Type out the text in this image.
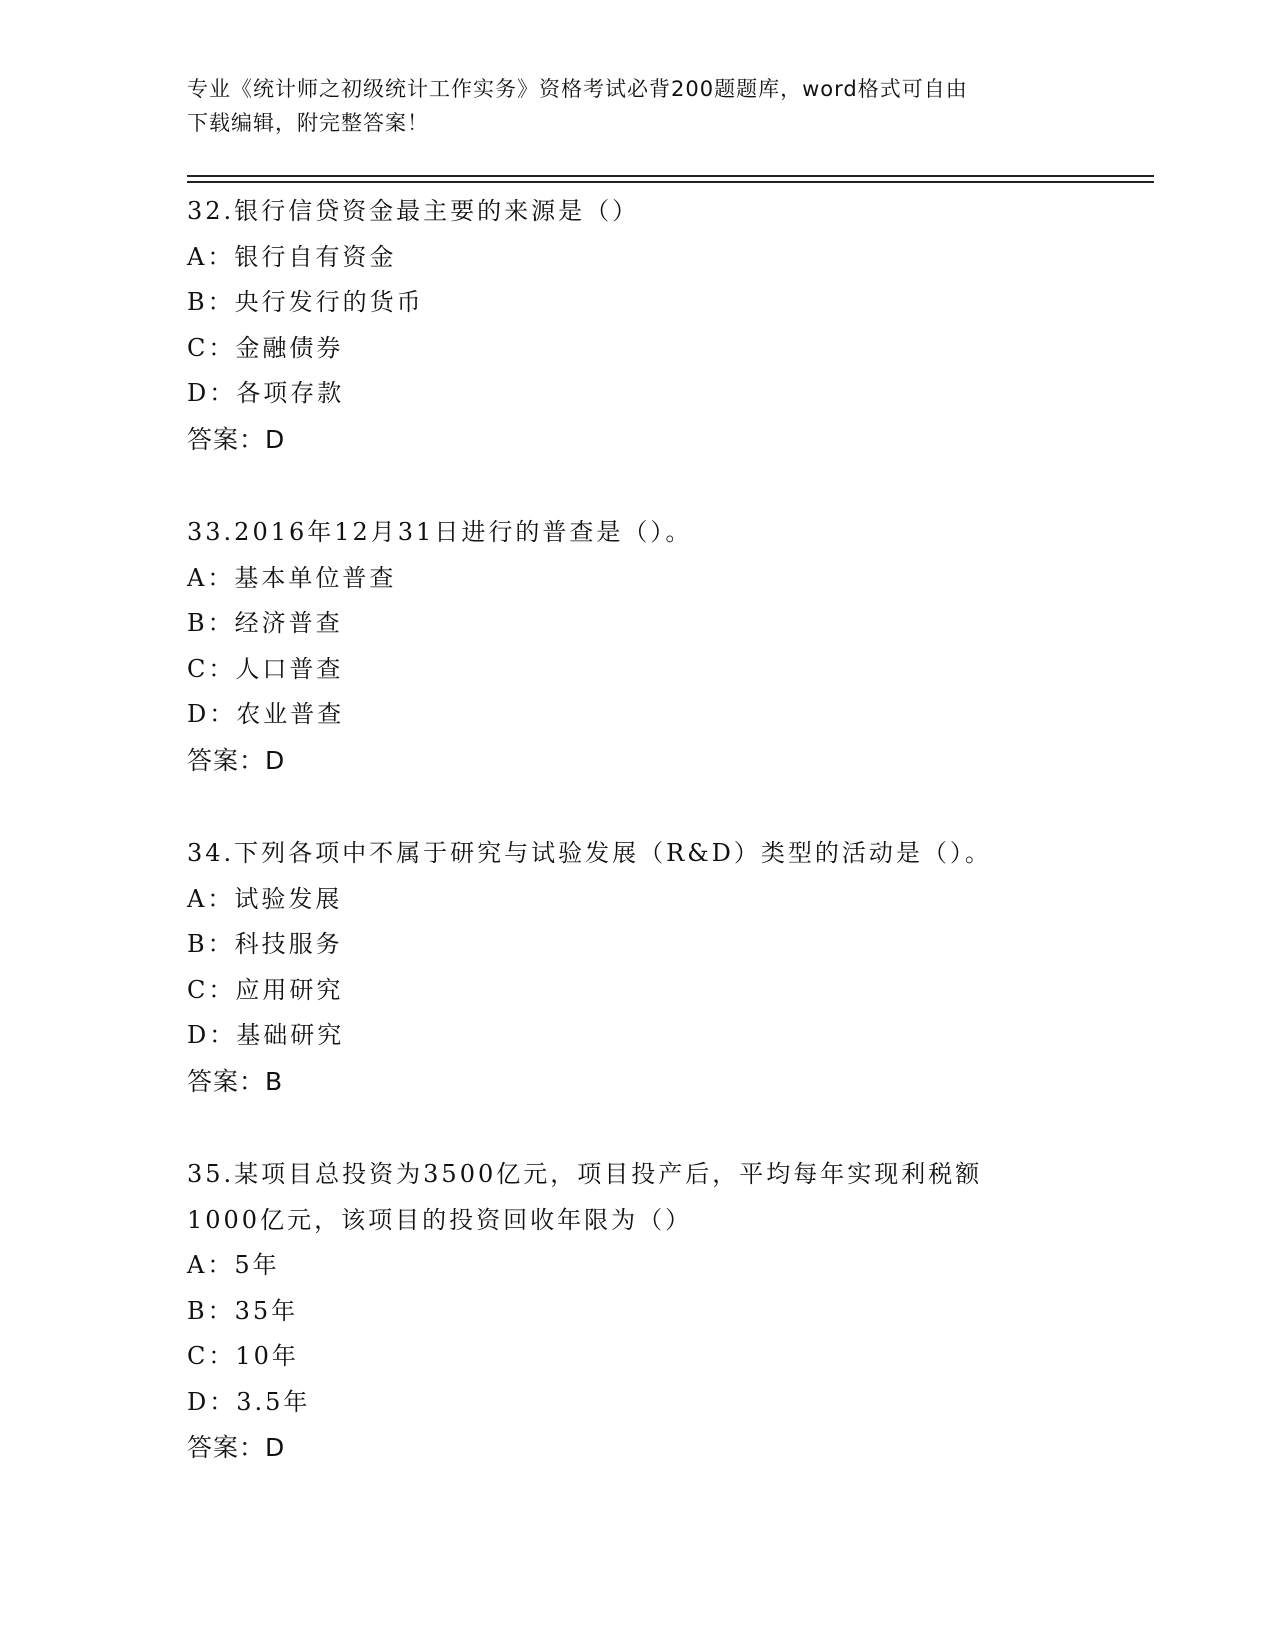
专业《统计师之初级统计工作实务》资格考试必背200题题库，word格式可自由
下载编辑，附完整答案！
32.银行信贷资金最主要的来源是（）
A：银行自有资金
B：央行发行的货币
C：金融债券
D：各项存款
答案：D
33.2016年12月31日进行的普查是（）。
A：基本单位普查
B：经济普查
C：人口普查
D：农业普查
答案：D
34.下列各项中不属于研究与试验发展（R&D）类型的活动是（）。
A：试验发展
B：科技服务
C：应用研究
D：基础研究
答案：B
35.某项目总投资为3500亿元，项目投产后，平均每年实现利税额
1000亿元，该项目的投资回收年限为（）
A：5年
B：35年
C：10年
D：3.5年
答案：D
